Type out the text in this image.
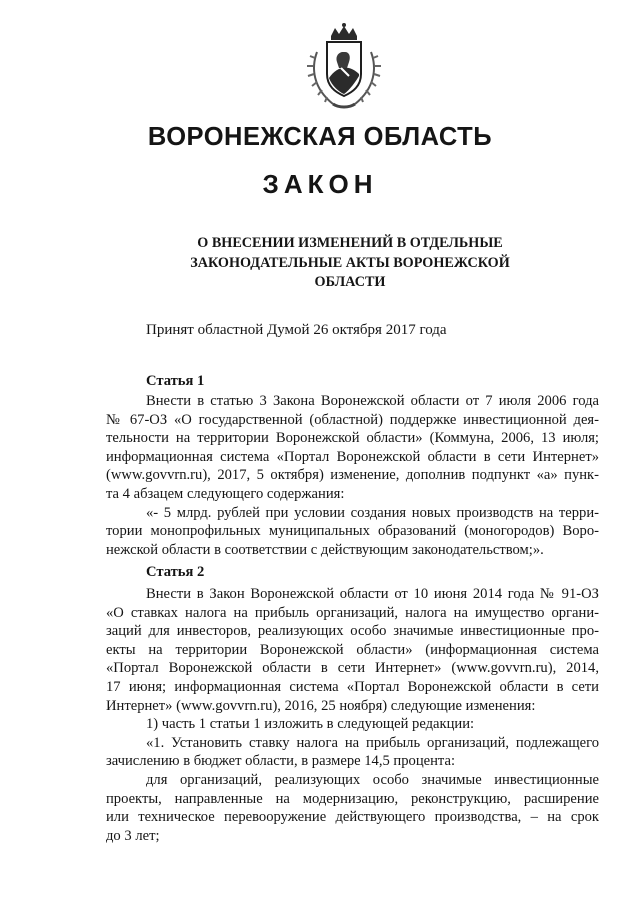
ВОРОНЕЖСКАЯ ОБЛАСТЬ
ЗАКОН
О ВНЕСЕНИИ ИЗМЕНЕНИЙ В ОТДЕЛЬНЫЕ
ЗАКОНОДАТЕЛЬНЫЕ АКТЫ ВОРОНЕЖСКОЙ
ОБЛАСТИ
Принят областной Думой 26 октября 2017 года
Статья 1
Внести в статью 3 Закона Воронежской области от 7 июля 2006 года
№ 67-ОЗ «О государственной (областной) поддержке инвестиционной дея-
тельности на территории Воронежской области» (Коммуна, 2006, 13 июля;
информационная система «Портал Воронежской области в сети Интернет»
(www.govvrn.ru), 2017, 5 октября) изменение, дополнив подпункт «а» пунк-
та 4 абзацем следующего содержания:
«- 5 млрд. рублей при условии создания новых производств на терри-
тории монопрофильных муниципальных образований (моногородов) Воро-
нежской области в соответствии с действующим законодательством;».
Статья 2
Внести в Закон Воронежской области от 10 июня 2014 года № 91-ОЗ
«О ставках налога на прибыль организаций, налога на имущество органи-
заций для инвесторов, реализующих особо значимые инвестиционные про-
екты на территории Воронежской области» (информационная система
«Портал Воронежской области в сети Интернет» (www.govvrn.ru), 2014,
17 июня; информационная система «Портал Воронежской области в сети
Интернет» (www.govvrn.ru), 2016, 25 ноября) следующие изменения:
1) часть 1 статьи 1 изложить в следующей редакции:
«1. Установить ставку налога на прибыль организаций, подлежащего
зачислению в бюджет области, в размере 14,5 процента:
для организаций, реализующих особо значимые инвестиционные
проекты, направленные на модернизацию, реконструкцию, расширение
или техническое перевооружение действующего производства, – на срок
до 3 лет;
